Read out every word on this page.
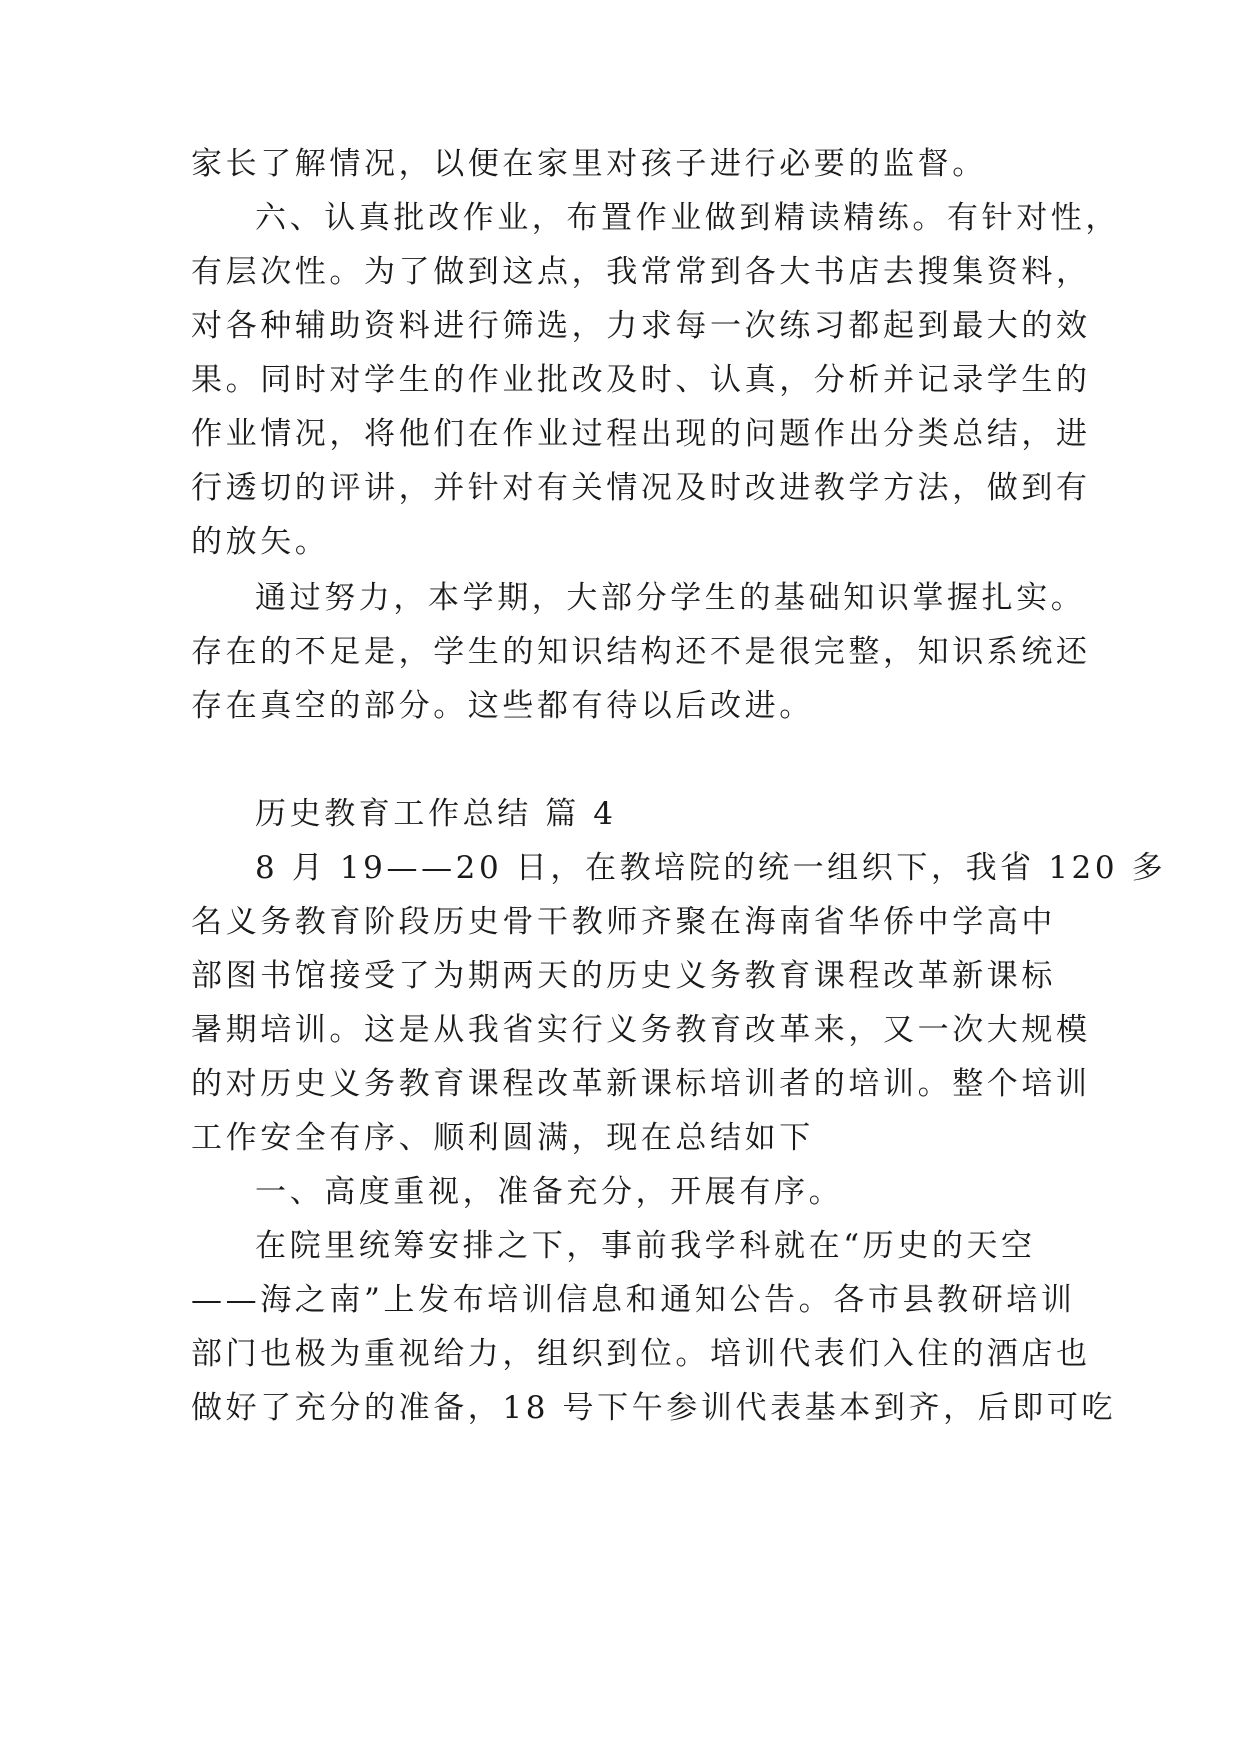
家长了解情况，以便在家里对孩子进行必要的监督。
六、认真批改作业，布置作业做到精读精练。有针对性，
有层次性。为了做到这点，我常常到各大书店去搜集资料，
对各种辅助资料进行筛选，力求每一次练习都起到最大的效
果。同时对学生的作业批改及时、认真，分析并记录学生的
作业情况，将他们在作业过程出现的问题作出分类总结，进
行透切的评讲，并针对有关情况及时改进教学方法，做到有
的放矢。
通过努力，本学期，大部分学生的基础知识掌握扎实。
存在的不足是，学生的知识结构还不是很完整，知识系统还
存在真空的部分。这些都有待以后改进。
历史教育工作总结 篇 4
8 月 19——20 日，在教培院的统一组织下，我省 120 多
名义务教育阶段历史骨干教师齐聚在海南省华侨中学高中
部图书馆接受了为期两天的历史义务教育课程改革新课标
暑期培训。这是从我省实行义务教育改革来，又一次大规模
的对历史义务教育课程改革新课标培训者的培训。整个培训
工作安全有序、顺利圆满，现在总结如下
一、高度重视，准备充分，开展有序。
在院里统筹安排之下，事前我学科就在“历史的天空
——海之南”上发布培训信息和通知公告。各市县教研培训
部门也极为重视给力，组织到位。培训代表们入住的酒店也
做好了充分的准备，18 号下午参训代表基本到齐，后即可吃
